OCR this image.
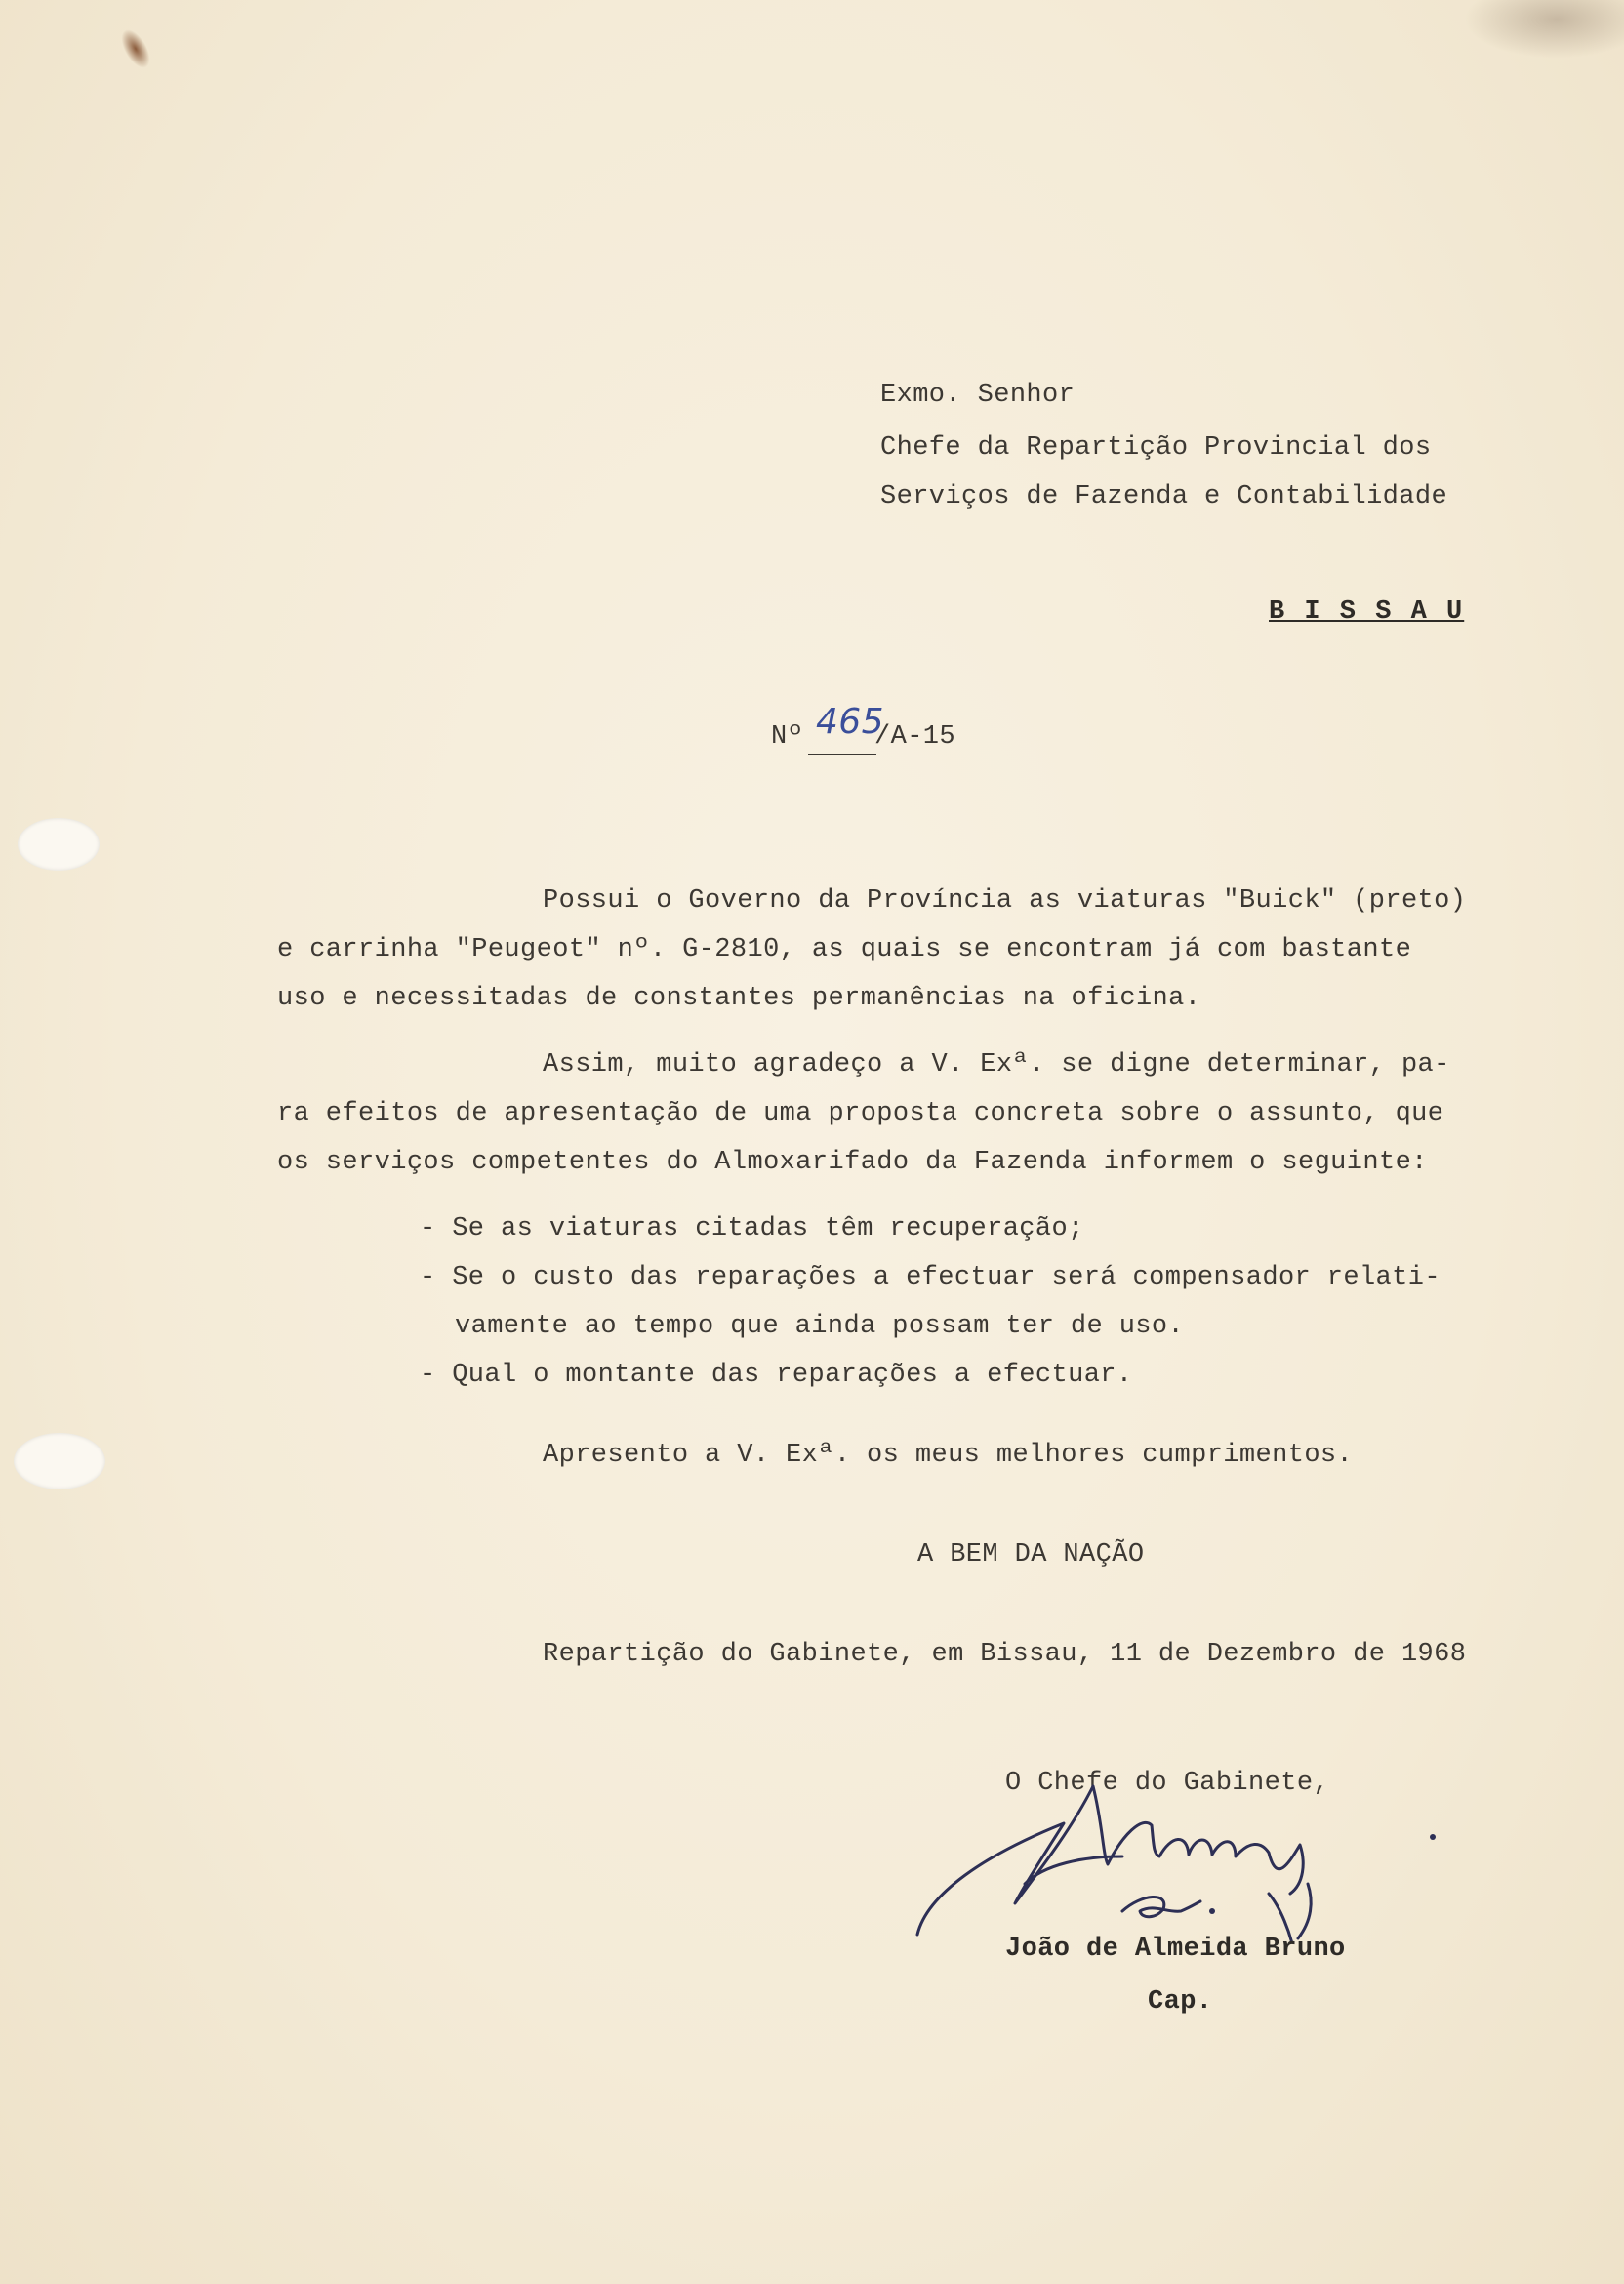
Exmo. Senhor
Chefe da Repartição Provincial dos
Serviços de Fazenda e Contabilidade
B I S S A U
Nº 465
/A-15
Possui o Governo da Província as viaturas "Buick" (preto)
e carrinha "Peugeot" nº. G-2810, as quais se encontram já com bastante
uso e necessitadas de constantes permanências na oficina.
Assim, muito agradeço a V. Exª. se digne determinar, pa-
ra efeitos de apresentação de uma proposta concreta sobre o assunto, que
os serviços competentes do Almoxarifado da Fazenda informem o seguinte:
- Se as viaturas citadas têm recuperação;
- Se o custo das reparações a efectuar será compensador relati-
vamente ao tempo que ainda possam ter de uso.
- Qual o montante das reparações a efectuar.
Apresento a V. Exª. os meus melhores cumprimentos.
A BEM DA NAÇÃO
Repartição do Gabinete, em Bissau, 11 de Dezembro de 1968
O Chefe do Gabinete,
João de Almeida Bruno
Cap.
